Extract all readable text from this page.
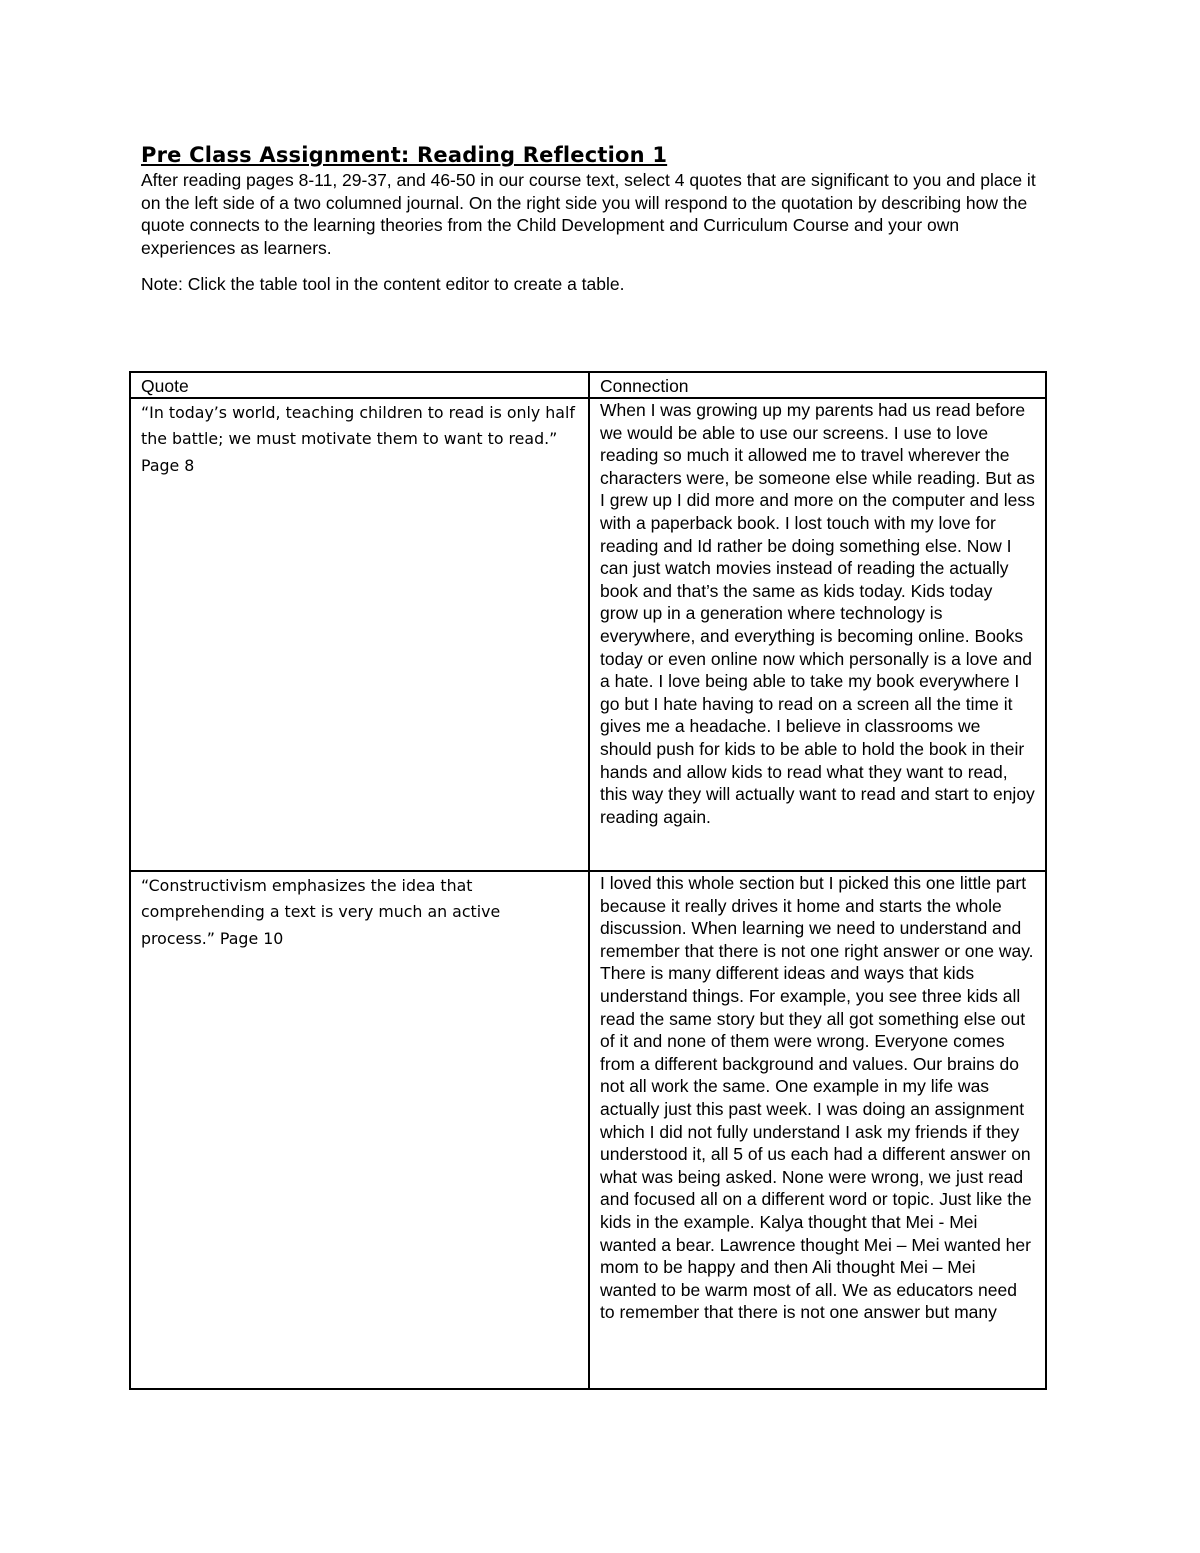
Pre Class Assignment: Reading Reflection 1

After reading pages 8-11, 29-37, and 46-50 in our course text, select 4 quotes that are significant to you and place it on the left side of a two columned journal. On the right side you will respond to the quotation by describing how the quote connects to the learning theories from the Child Development and Curriculum Course and your own experiences as learners.

Note: Click the table tool in the content editor to create a table.

Quote	Connection

“In today’s world, teaching children to read is only half the battle; we must motivate them to want to read.” Page 8	When I was growing up my parents had us read before we would be able to use our screens. I use to love reading so much it allowed me to travel wherever the characters were, be someone else while reading. But as I grew up I did more and more on the computer and less with a paperback book. I lost touch with my love for reading and Id rather be doing something else. Now I can just watch movies instead of reading the actually book and that’s the same as kids today. Kids today grow up in a generation where technology is everywhere, and everything is becoming online. Books today or even online now which personally is a love and a hate. I love being able to take my book everywhere I go but I hate having to read on a screen all the time it gives me a headache. I believe in classrooms we should push for kids to be able to hold the book in their hands and allow kids to read what they want to read, this way they will actually want to read and start to enjoy reading again.

“Constructivism emphasizes the idea that comprehending a text is very much an active process.” Page 10	I loved this whole section but I picked this one little part because it really drives it home and starts the whole discussion. When learning we need to understand and remember that there is not one right answer or one way. There is many different ideas and ways that kids understand things. For example, you see three kids all read the same story but they all got something else out of it and none of them were wrong. Everyone comes from a different background and values. Our brains do not all work the same. One example in my life was actually just this past week. I was doing an assignment which I did not fully understand I ask my friends if they understood it, all 5 of us each had a different answer on what was being asked. None were wrong, we just read and focused all on a different word or topic. Just like the kids in the example. Kalya thought that Mei - Mei wanted a bear. Lawrence thought Mei – Mei wanted her mom to be happy and then Ali thought Mei – Mei wanted to be warm most of all. We as educators need to remember that there is not one answer but many
